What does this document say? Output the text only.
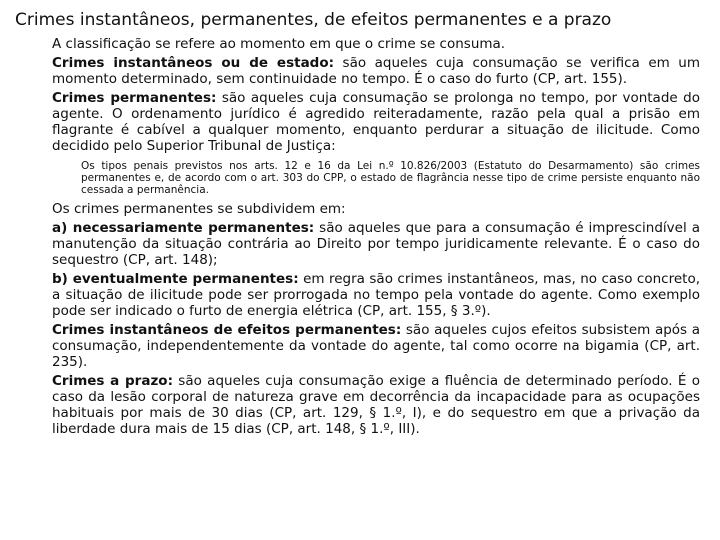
Crimes instantâneos, permanentes, de efeitos permanentes e a prazo

A classificação se refere ao momento em que o crime se consuma.

Crimes instantâneos ou de estado: são aqueles cuja consumação se verifica em um momento determinado, sem continuidade no tempo. É o caso do furto (CP, art. 155).

Crimes permanentes: são aqueles cuja consumação se prolonga no tempo, por vontade do agente. O ordenamento jurídico é agredido reiteradamente, razão pela qual a prisão em flagrante é cabível a qualquer momento, enquanto perdurar a situação de ilicitude. Como decidido pelo Superior Tribunal de Justiça:

Os tipos penais previstos nos arts. 12 e 16 da Lei n.º 10.826/2003 (Estatuto do Desarmamento) são crimes permanentes e, de acordo com o art. 303 do CPP, o estado de flagrância nesse tipo de crime persiste enquanto não cessada a permanência.

Os crimes permanentes se subdividem em:

a) necessariamente permanentes: são aqueles que para a consumação é imprescindível a manutenção da situação contrária ao Direito por tempo juridicamente relevante. É o caso do sequestro (CP, art. 148);

b) eventualmente permanentes: em regra são crimes instantâneos, mas, no caso concreto, a situação de ilicitude pode ser prorrogada no tempo pela vontade do agente. Como exemplo pode ser indicado o furto de energia elétrica (CP, art. 155, § 3.º).

Crimes instantâneos de efeitos permanentes: são aqueles cujos efeitos subsistem após a consumação, independentemente da vontade do agente, tal como ocorre na bigamia (CP, art. 235).

Crimes a prazo: são aqueles cuja consumação exige a fluência de determinado período. É o caso da lesão corporal de natureza grave em decorrência da incapacidade para as ocupações habituais por mais de 30 dias (CP, art. 129, § 1.º, I), e do sequestro em que a privação da liberdade dura mais de 15 dias (CP, art. 148, § 1.º, III).
